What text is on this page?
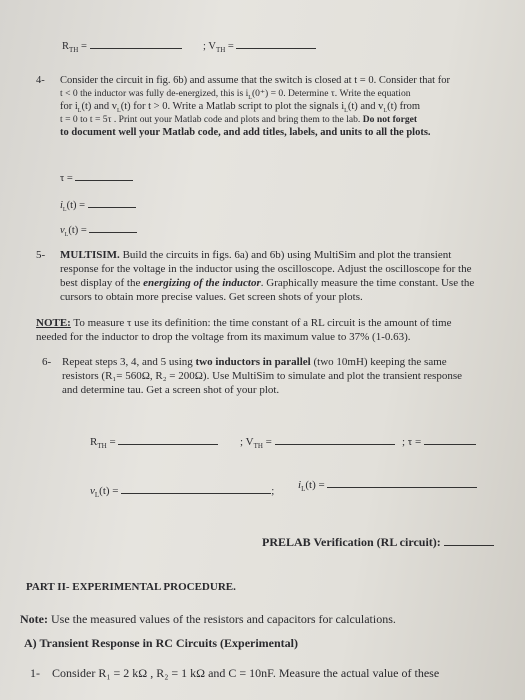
$R_{TH}$ =	; $V_{TH}$ =
4- Consider the circuit in fig. 6b) and assume that the switch is closed at t = 0. Consider that for
t < 0 the inductor was fully de-energized, this is $i_L(0^+) = 0$. Determine τ. Write the equation
for $i_L(t)$ and $v_L(t)$ for t > 0. Write a Matlab script to plot the signals $i_L(t)$ and $v_L(t)$ from
t = 0 to t = 5τ . Print out your Matlab code and plots and bring them to the lab. Do not forget
to document well your Matlab code, and add titles, labels, and units to all the plots.
τ =
$i_L(t)$ =
$v_L(t)$ =
5- MULTISIM. Build the circuits in figs. 6a) and 6b) using MultiSim and plot the transient
response for the voltage in the inductor using the oscilloscope. Adjust the oscilloscope for the
best display of the energizing of the inductor. Graphically measure the time constant. Use the
cursors to obtain more precise values. Get screen shots of your plots.
NOTE: To measure τ use its definition: the time constant of a RL circuit is the amount of time
needed for the inductor to drop the voltage from its maximum value to 37% (1-0.63).
6- Repeat steps 3, 4, and 5 using two inductors in parallel (two 10mH) keeping the same
resistors (R₁= 560Ω, R₂ = 200Ω). Use MultiSim to simulate and plot the transient response
and determine tau. Get a screen shot of your plot.
$R_{TH}$ =	; $V_{TH}$ =	; τ =
$v_L(t)$ =	; $i_L(t)$ =
PRELAB Verification (RL circuit):
PART II- EXPERIMENTAL PROCEDURE.
Note: Use the measured values of the resistors and capacitors for calculations.
A) Transient Response in RC Circuits (Experimental)
1- Consider R₁ = 2 kΩ , R₂ = 1 kΩ and C = 10nF. Measure the actual value of these
